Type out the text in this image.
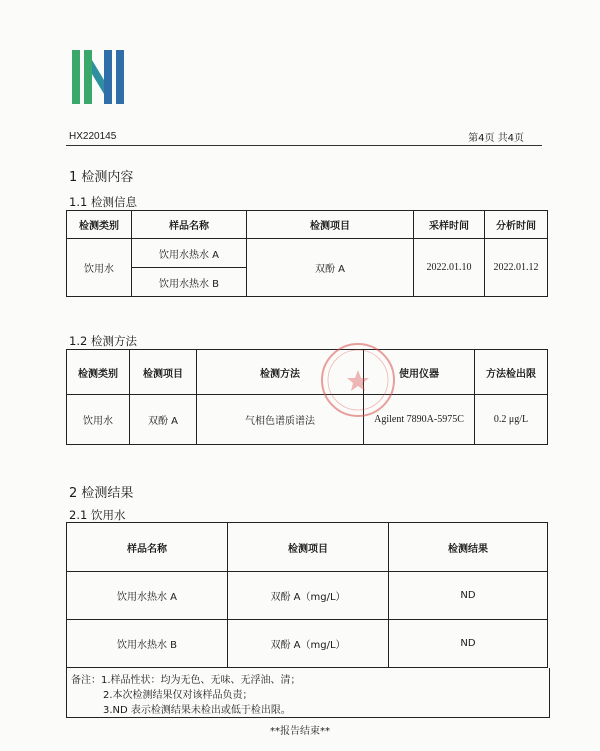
HX220145	第4页 共4页
1 检测内容
1.1 检测信息
检测类别	样品名称	检测项目	采样时间	分析时间
饮用水	饮用水热水 A	双酚 A	2022.01.10	2022.01.12
	饮用水热水 B			
1.2 检测方法
检测类别	检测项目	检测方法	使用仪器	方法检出限
饮用水	双酚 A	气相色谱质谱法	Agilent 7890A-5975C	0.2 μg/L
2 检测结果
2.1 饮用水
样品名称	检测项目	检测结果
饮用水热水 A	双酚 A（mg/L）	ND
饮用水热水 B	双酚 A（mg/L）	ND
备注：1.样品性状：均为无色、无味、无浮油、清；
2.本次检测结果仅对该样品负责；
3.ND 表示检测结果未检出或低于检出限。
**报告结束**
